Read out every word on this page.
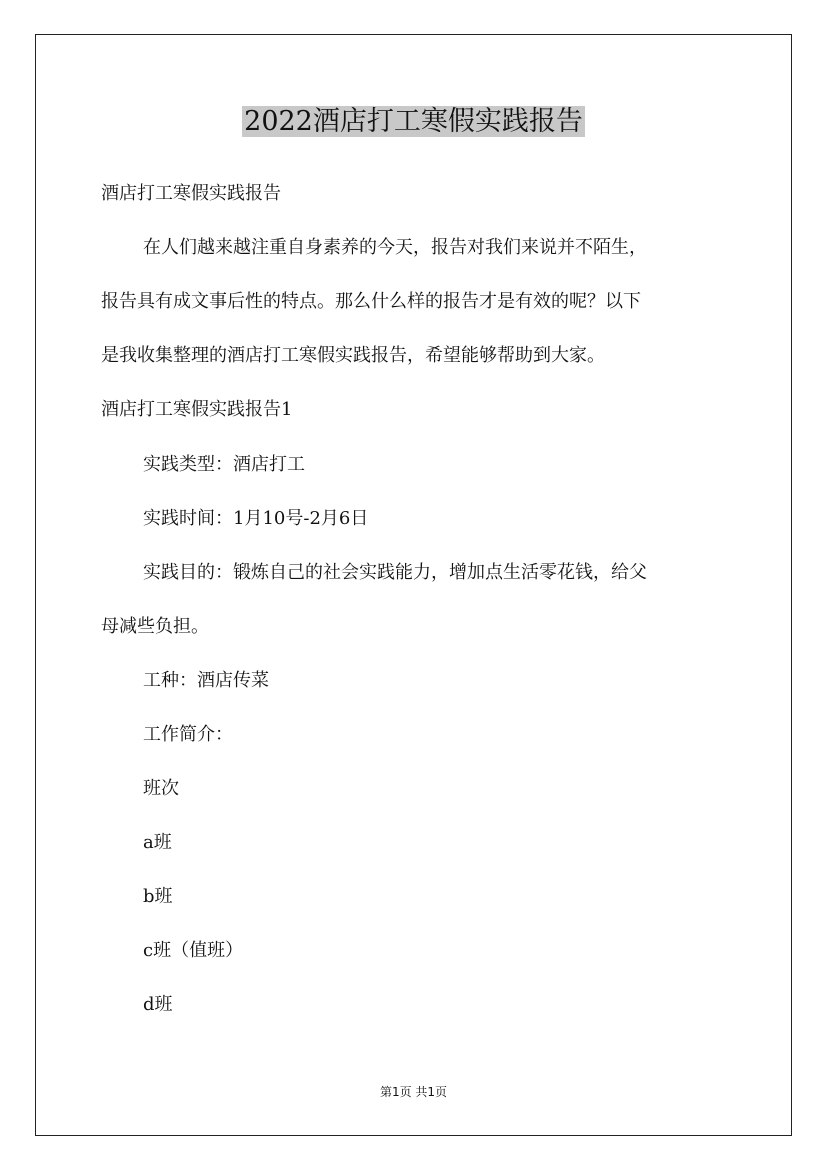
2022酒店打工寒假实践报告
酒店打工寒假实践报告
在人们越来越注重自身素养的今天，报告对我们来说并不陌生，
报告具有成文事后性的特点。那么什么样的报告才是有效的呢？以下
是我收集整理的酒店打工寒假实践报告，希望能够帮助到大家。
酒店打工寒假实践报告1
实践类型：酒店打工
实践时间：1月10号-2月6日
实践目的：锻炼自己的社会实践能力，增加点生活零花钱，给父
母减些负担。
工种：酒店传菜
工作简介：
班次
a班
b班
c班（值班）
d班
第1页 共1页
